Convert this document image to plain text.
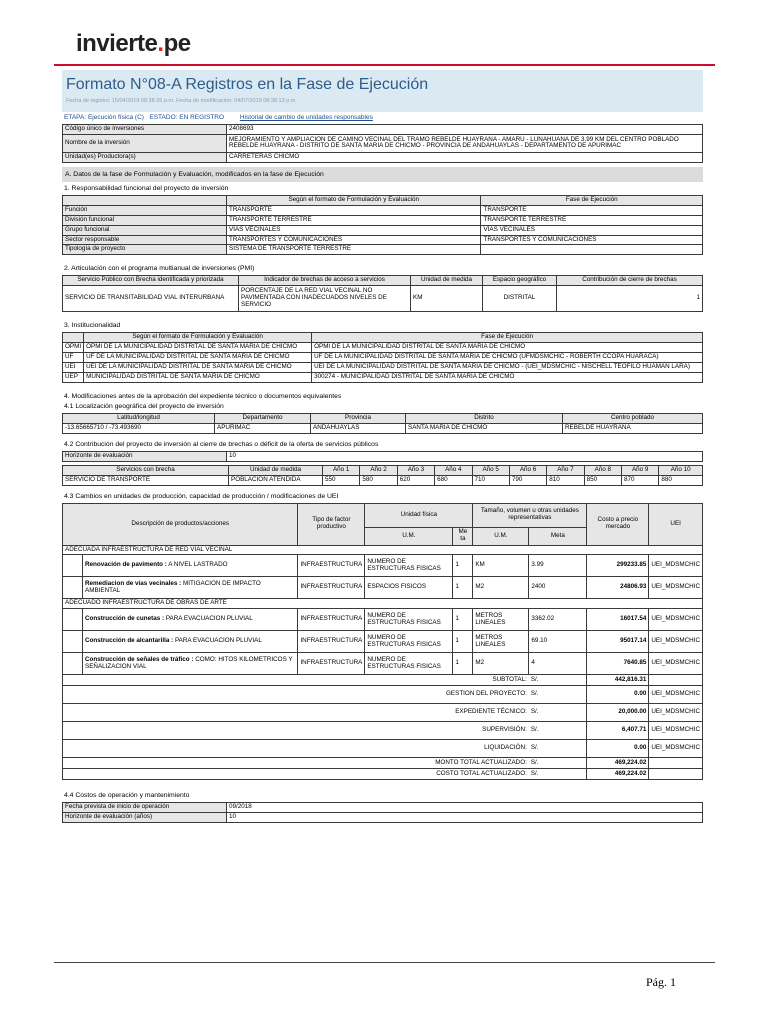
invierte.pe
Formato N°08-A Registros en la Fase de Ejecución
Fecha de registro: 15/04/2019 08:38:26 p.m. Fecha de modificación: 04/07/2019 08:38:13 p.m.
ETAPA: Ejecución física (C) ESTADO: EN REGISTRO Historial de cambio de unidades responsables
Código único de inversiones	2408693
Nombre de la inversión	MEJORAMIENTO Y AMPLIACION DE CAMINO VECINAL DEL TRAMO REBELDE HUAYRANA - AMARU - LUNAHUANA DE 3.99 KM DEL CENTRO POBLADO REBELDE HUAYRANA - DISTRITO DE SANTA MARIA DE CHICMO - PROVINCIA DE ANDAHUAYLAS - DEPARTAMENTO DE APURIMAC
Unidad(es) Productora(s)	CARRETERAS CHICMO
A. Datos de la fase de Formulación y Evaluación, modificados en la fase de Ejecución
1. Responsabilidad funcional del proyecto de inversión
	Según el formato de Formulación y Evaluación	Fase de Ejecución
Función	TRANSPORTE	TRANSPORTE
División funcional	TRANSPORTE TERRESTRE	TRANSPORTE TERRESTRE
Grupo funcional	VÍAS VECINALES	VÍAS VECINALES
Sector responsable	TRANSPORTES Y COMUNICACIONES	TRANSPORTES Y COMUNICACIONES
Tipología de proyecto	SISTEMA DE TRANSPORTE TERRESTRE	
2. Articulación con el programa multianual de inversiones (PMI)
Servicio Público con Brecha identificada y priorizada	Indicador de brechas de acceso a servicios	Unidad de medida	Espacio geográfico	Contribución de cierre de brechas
SERVICIO DE TRANSITABILIDAD VIAL INTERURBANA	PORCENTAJE DE LA RED VIAL VECINAL NO PAVIMENTADA CON INADECUADOS NIVELES DE SERVICIO	KM	DISTRITAL	1
3. Institucionalidad
	Según el formato de Formulación y Evaluación	Fase de Ejecución
OPMI	OPMI DE LA MUNICIPALIDAD DISTRITAL DE SANTA MARIA DE CHICMO	OPMI DE LA MUNICIPALIDAD DISTRITAL DE SANTA MARIA DE CHICMO
UF	UF DE LA MUNICIPALIDAD DISTRITAL DE SANTA MARIA DE CHICMO	UF DE LA MUNICIPALIDAD DISTRITAL DE SANTA MARIA DE CHICMO (UFMDSMCHIC - ROBERTH CCOPA HUARACA)
UEI	UEI DE LA MUNICIPALIDAD DISTRITAL DE SANTA MARIA DE CHICMO	UEI DE LA MUNICIPALIDAD DISTRITAL DE SANTA MARIA DE CHICMO - (UEI_MDSMCHIC - NISCHELL TEOFILO HUAMAN LARA)
UEP	MUNICIPALIDAD DISTRITAL DE SANTA MARIA DE CHICMO	300274 - MUNICIPALIDAD DISTRITAL DE SANTA MARIA DE CHICMO
4. Modificaciones antes de la aprobación del expediente técnico o documentos equivalentes
4.1 Localización geográfica del proyecto de inversión
Latitud/longitud	Departamento	Provincia	Distrito	Centro poblado
-13.65665710 / -73.493690	APURIMAC	ANDAHUAYLAS	SANTA MARIA DE CHICMO	REBELDE HUAYRANA
4.2 Contribución del proyecto de inversión al cierre de brechas o déficit de la oferta de servicios públicos
Horizonte de evaluación	10
Servicios con brecha	Unidad de medida	Año 1	Año 2	Año 3	Año 4	Año 5	Año 6	Año 7	Año 8	Año 9	Año 10
SERVICIO DE TRANSPORTE	POBLACION ATENDIDA	550	580	620	680	710	790	810	850	870	880
4.3 Cambios en unidades de producción, capacidad de producción / modificaciones de UEI
Descripción de productos/acciones		Tipo de factor productivo	Unidad física		Tamaño, volumen u otras unidades representativas		Costo a precio mercado	UEI
			U.M.	Me ta	U.M.	Meta		
ADECUADA INFRAESTRUCTURA DE RED VIAL VECINAL								
	Renovación de pavimento : A NIVEL LASTRADO	INFRAESTRUCTURA	NUMERO DE ESTRUCTURAS FISICAS	1	KM	3.99	299233.85	UEI_MDSMCHIC
	Remediacion de vias vecinales : MITIGACION DE IMPACTO AMBIENTAL	INFRAESTRUCTURA	ESPACIOS FISICOS	1	M2	2400	24806.93	UEI_MDSMCHIC
ADECUADO INFRAESTRUCTURA DE OBRAS DE ARTE								
	Construcción de cunetas : PARA EVACUACION PLUVIAL	INFRAESTRUCTURA	NUMERO DE ESTRUCTURAS FISICAS	1	METROS LINEALES	3362.02	16017.54	UEI_MDSMCHIC
	Construcción de alcantarilla : PARA EVACUACION PLUVIAL	INFRAESTRUCTURA	NUMERO DE ESTRUCTURAS FISICAS	1	METROS LINEALES	69.10	95017.14	UEI_MDSMCHIC
	Construcción de señales de tráfico : COMO: HITOS KILOMETRICOS Y SEÑALIZACION VIAL	INFRAESTRUCTURA	NUMERO DE ESTRUCTURAS FISICAS	1	M2	4	7640.85	UEI_MDSMCHIC
SUBTOTAL:						S/.	442,816.31	
GESTION DEL PROYECTO:						S/.	0.00	UEI_MDSMCHIC
EXPEDIENTE TÉCNICO:						S/.	20,000.00	UEI_MDSMCHIC
SUPERVISIÓN:						S/.	6,407.71	UEI_MDSMCHIC
LIQUIDACIÓN:						S/.	0.00	UEI_MDSMCHIC
MONTO TOTAL ACTUALIZADO:						S/.	469,224.02	
COSTO TOTAL ACTUALIZADO:						S/.	469,224.02	
4.4 Costos de operación y mantenimiento
Fecha prevista de inicio de operación	09/2018
Horizonte de evaluación (años)	10
Pág. 1
